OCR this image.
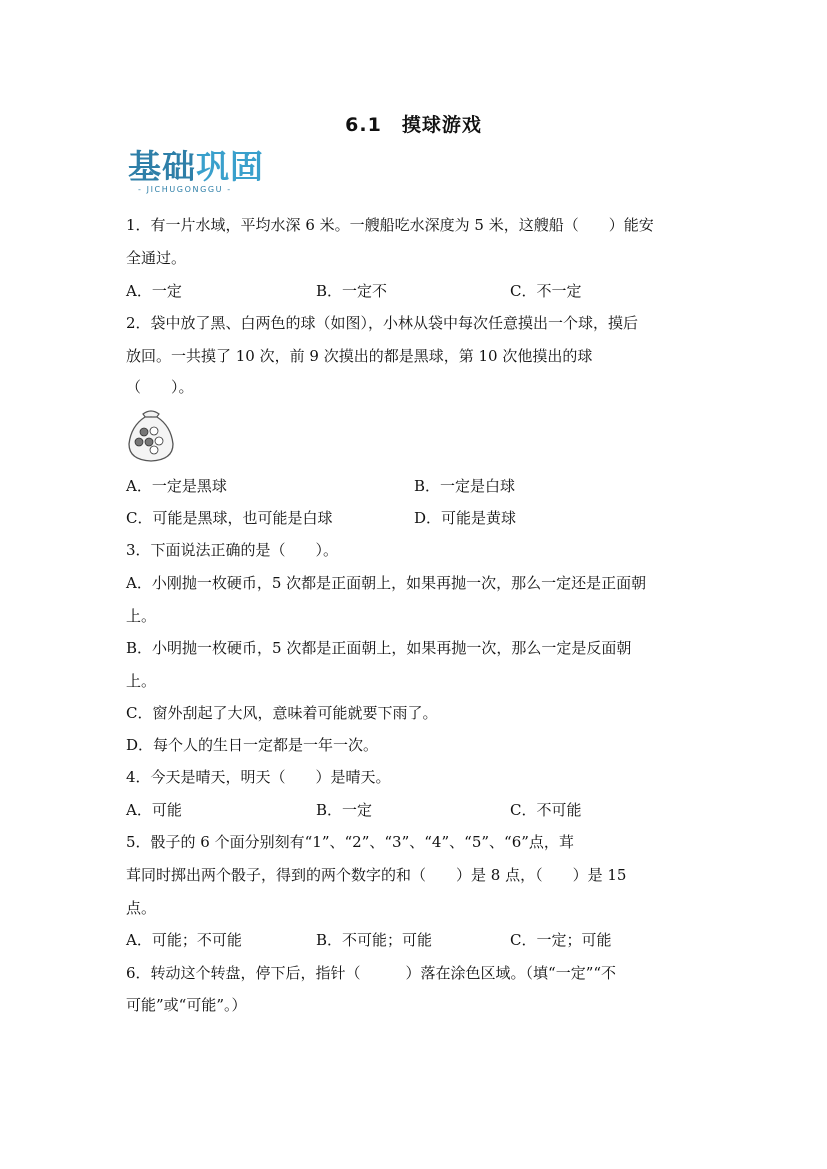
6.1　摸球游戏
基础巩固
- JICHUGONGGU -
1．有一片水域，平均水深 6 米。一艘船吃水深度为 5 米，这艘船（　　）能安
全通过。
A．一定	B．一定不	C．不一定
2．袋中放了黑、白两色的球（如图），小林从袋中每次任意摸出一个球，摸后
放回。一共摸了 10 次，前 9 次摸出的都是黑球，第 10 次他摸出的球
（　　）。
A．一定是黑球	B．一定是白球
C．可能是黑球，也可能是白球	D．可能是黄球
3．下面说法正确的是（　　）。
A．小刚抛一枚硬币，5 次都是正面朝上，如果再抛一次，那么一定还是正面朝
上。
B．小明抛一枚硬币，5 次都是正面朝上，如果再抛一次，那么一定是反面朝
上。
C．窗外刮起了大风，意味着可能就要下雨了。
D．每个人的生日一定都是一年一次。
4．今天是晴天，明天（　　）是晴天。
A．可能	B．一定	C．不可能
5．骰子的 6 个面分别刻有“1”、“2”、“3”、“4”、“5”、“6”点，茸
茸同时掷出两个骰子，得到的两个数字的和（　　）是 8 点，（　　）是 15
点。
A．可能；不可能	B．不可能；可能	C．一定；可能
6．转动这个转盘，停下后，指针（　　　）落在涂色区域。（填“一定”“不
可能”或“可能”。）
